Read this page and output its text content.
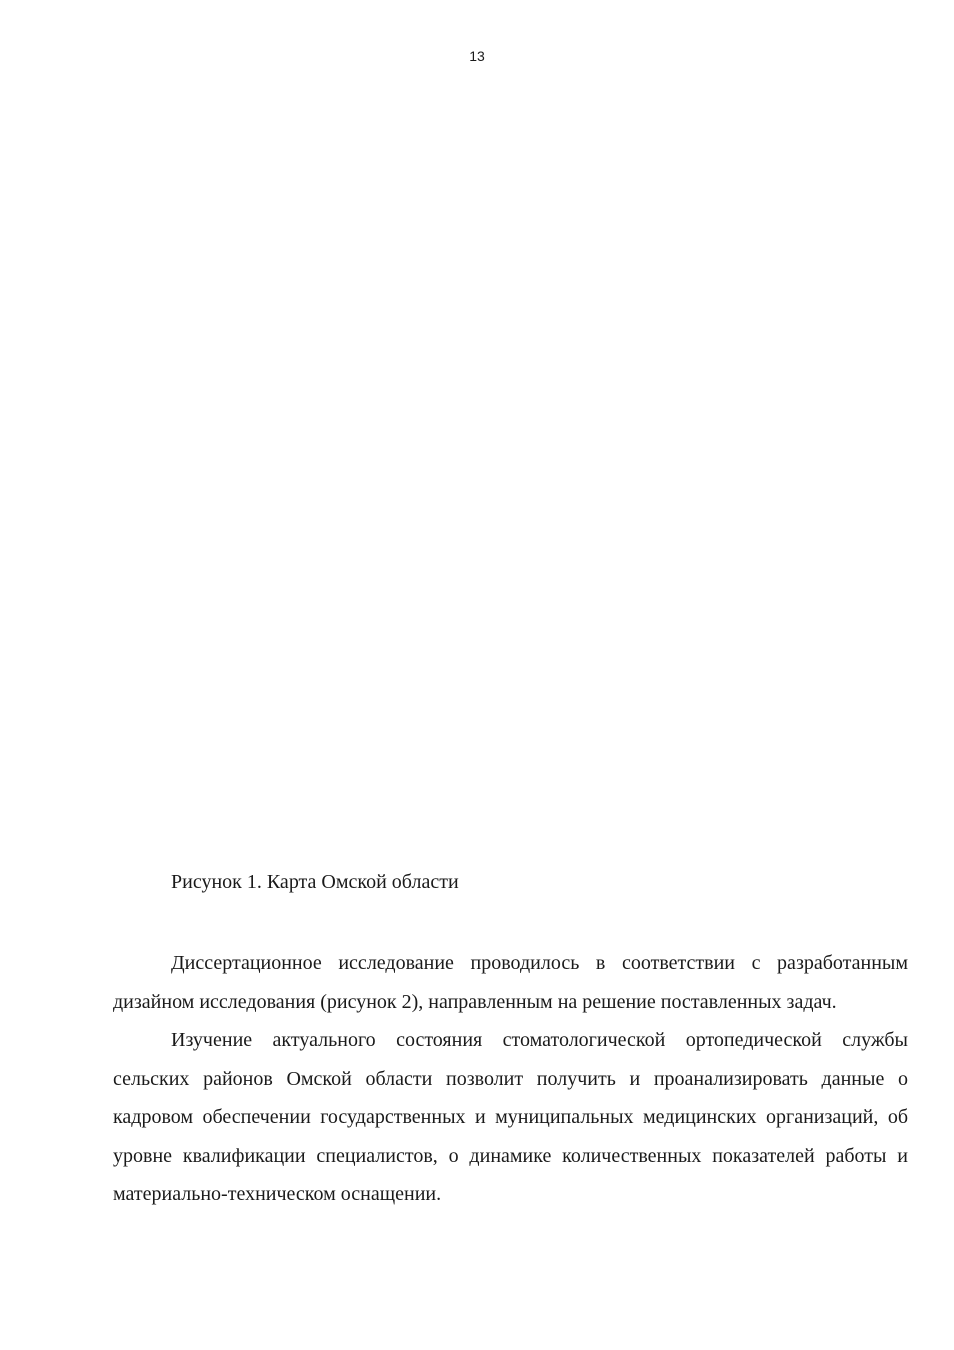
13
Рисунок 1. Карта Омской области

Диссертационное исследование проводилось в соответствии с разработанным дизайном исследования (рисунок 2), направленным на решение поставленных задач.

Изучение актуального состояния стоматологической ортопедической службы сельских районов Омской области позволит получить и проанализировать данные о кадровом обеспечении государственных и муниципальных медицинских организаций, об уровне квалификации специалистов, о динамике количественных показателей работы и материально-техническом оснащении.
